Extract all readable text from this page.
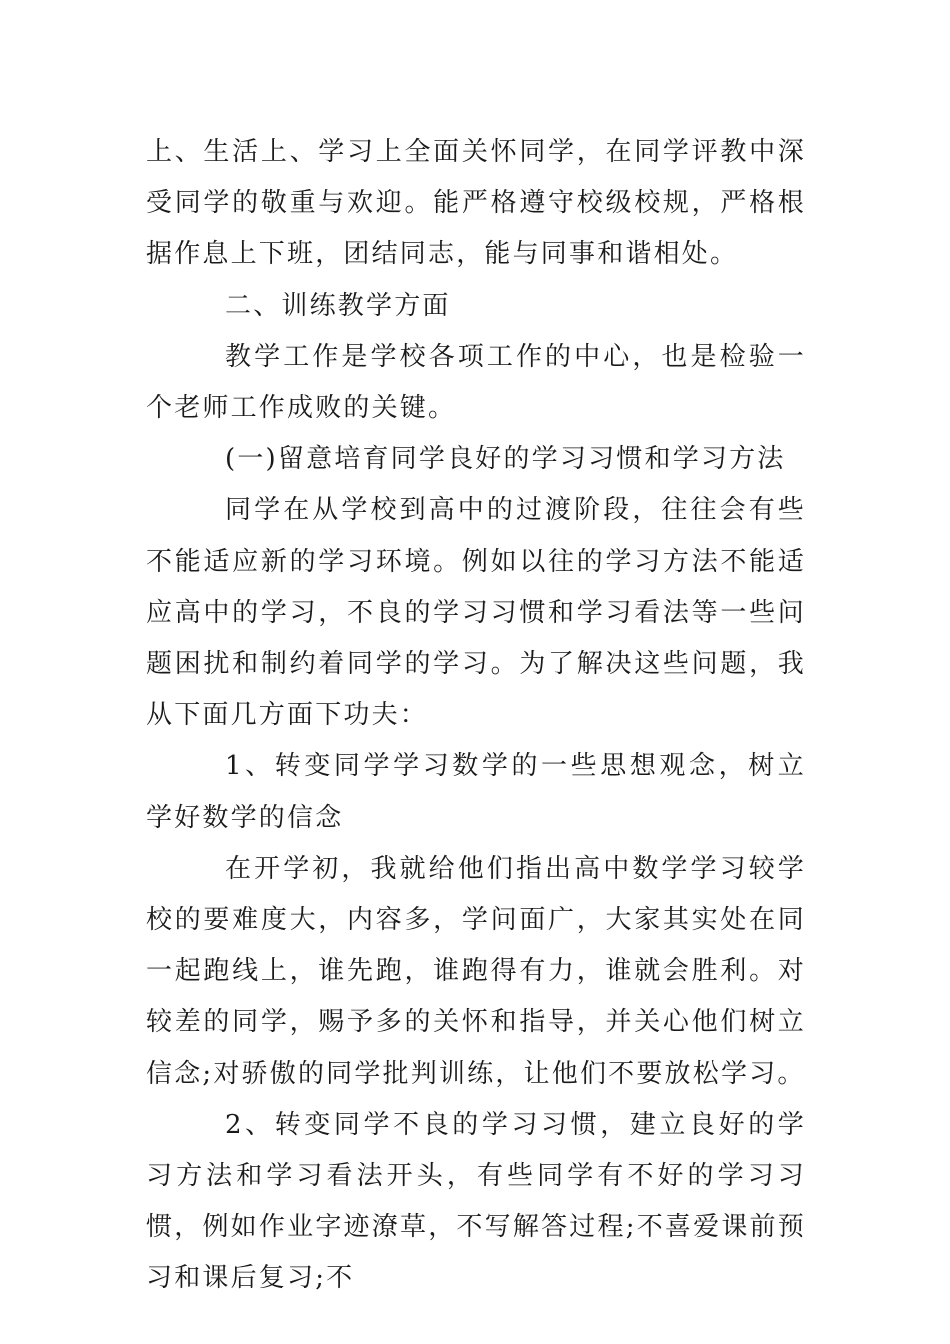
上、生活上、学习上全面关怀同学，在同学评教中深受同学的敬重与欢迎。能严格遵守校级校规，严格根据作息上下班，团结同志，能与同事和谐相处。

二、训练教学方面

教学工作是学校各项工作的中心，也是检验一个老师工作成败的关键。

(一)留意培育同学良好的学习习惯和学习方法

同学在从学校到高中的过渡阶段，往往会有些不能适应新的学习环境。例如以往的学习方法不能适应高中的学习，不良的学习习惯和学习看法等一些问题困扰和制约着同学的学习。为了解决这些问题，我从下面几方面下功夫：

1、转变同学学习数学的一些思想观念，树立学好数学的信念

在开学初，我就给他们指出高中数学学习较学校的要难度大，内容多，学问面广，大家其实处在同一起跑线上，谁先跑，谁跑得有力，谁就会胜利。对较差的同学，赐予多的关怀和指导，并关心他们树立信念;对骄傲的同学批判训练，让他们不要放松学习。

2、转变同学不良的学习习惯，建立良好的学习方法和学习看法开头，有些同学有不好的学习习惯，例如作业字迹潦草，不写解答过程;不喜爱课前预习和课后复习;不
